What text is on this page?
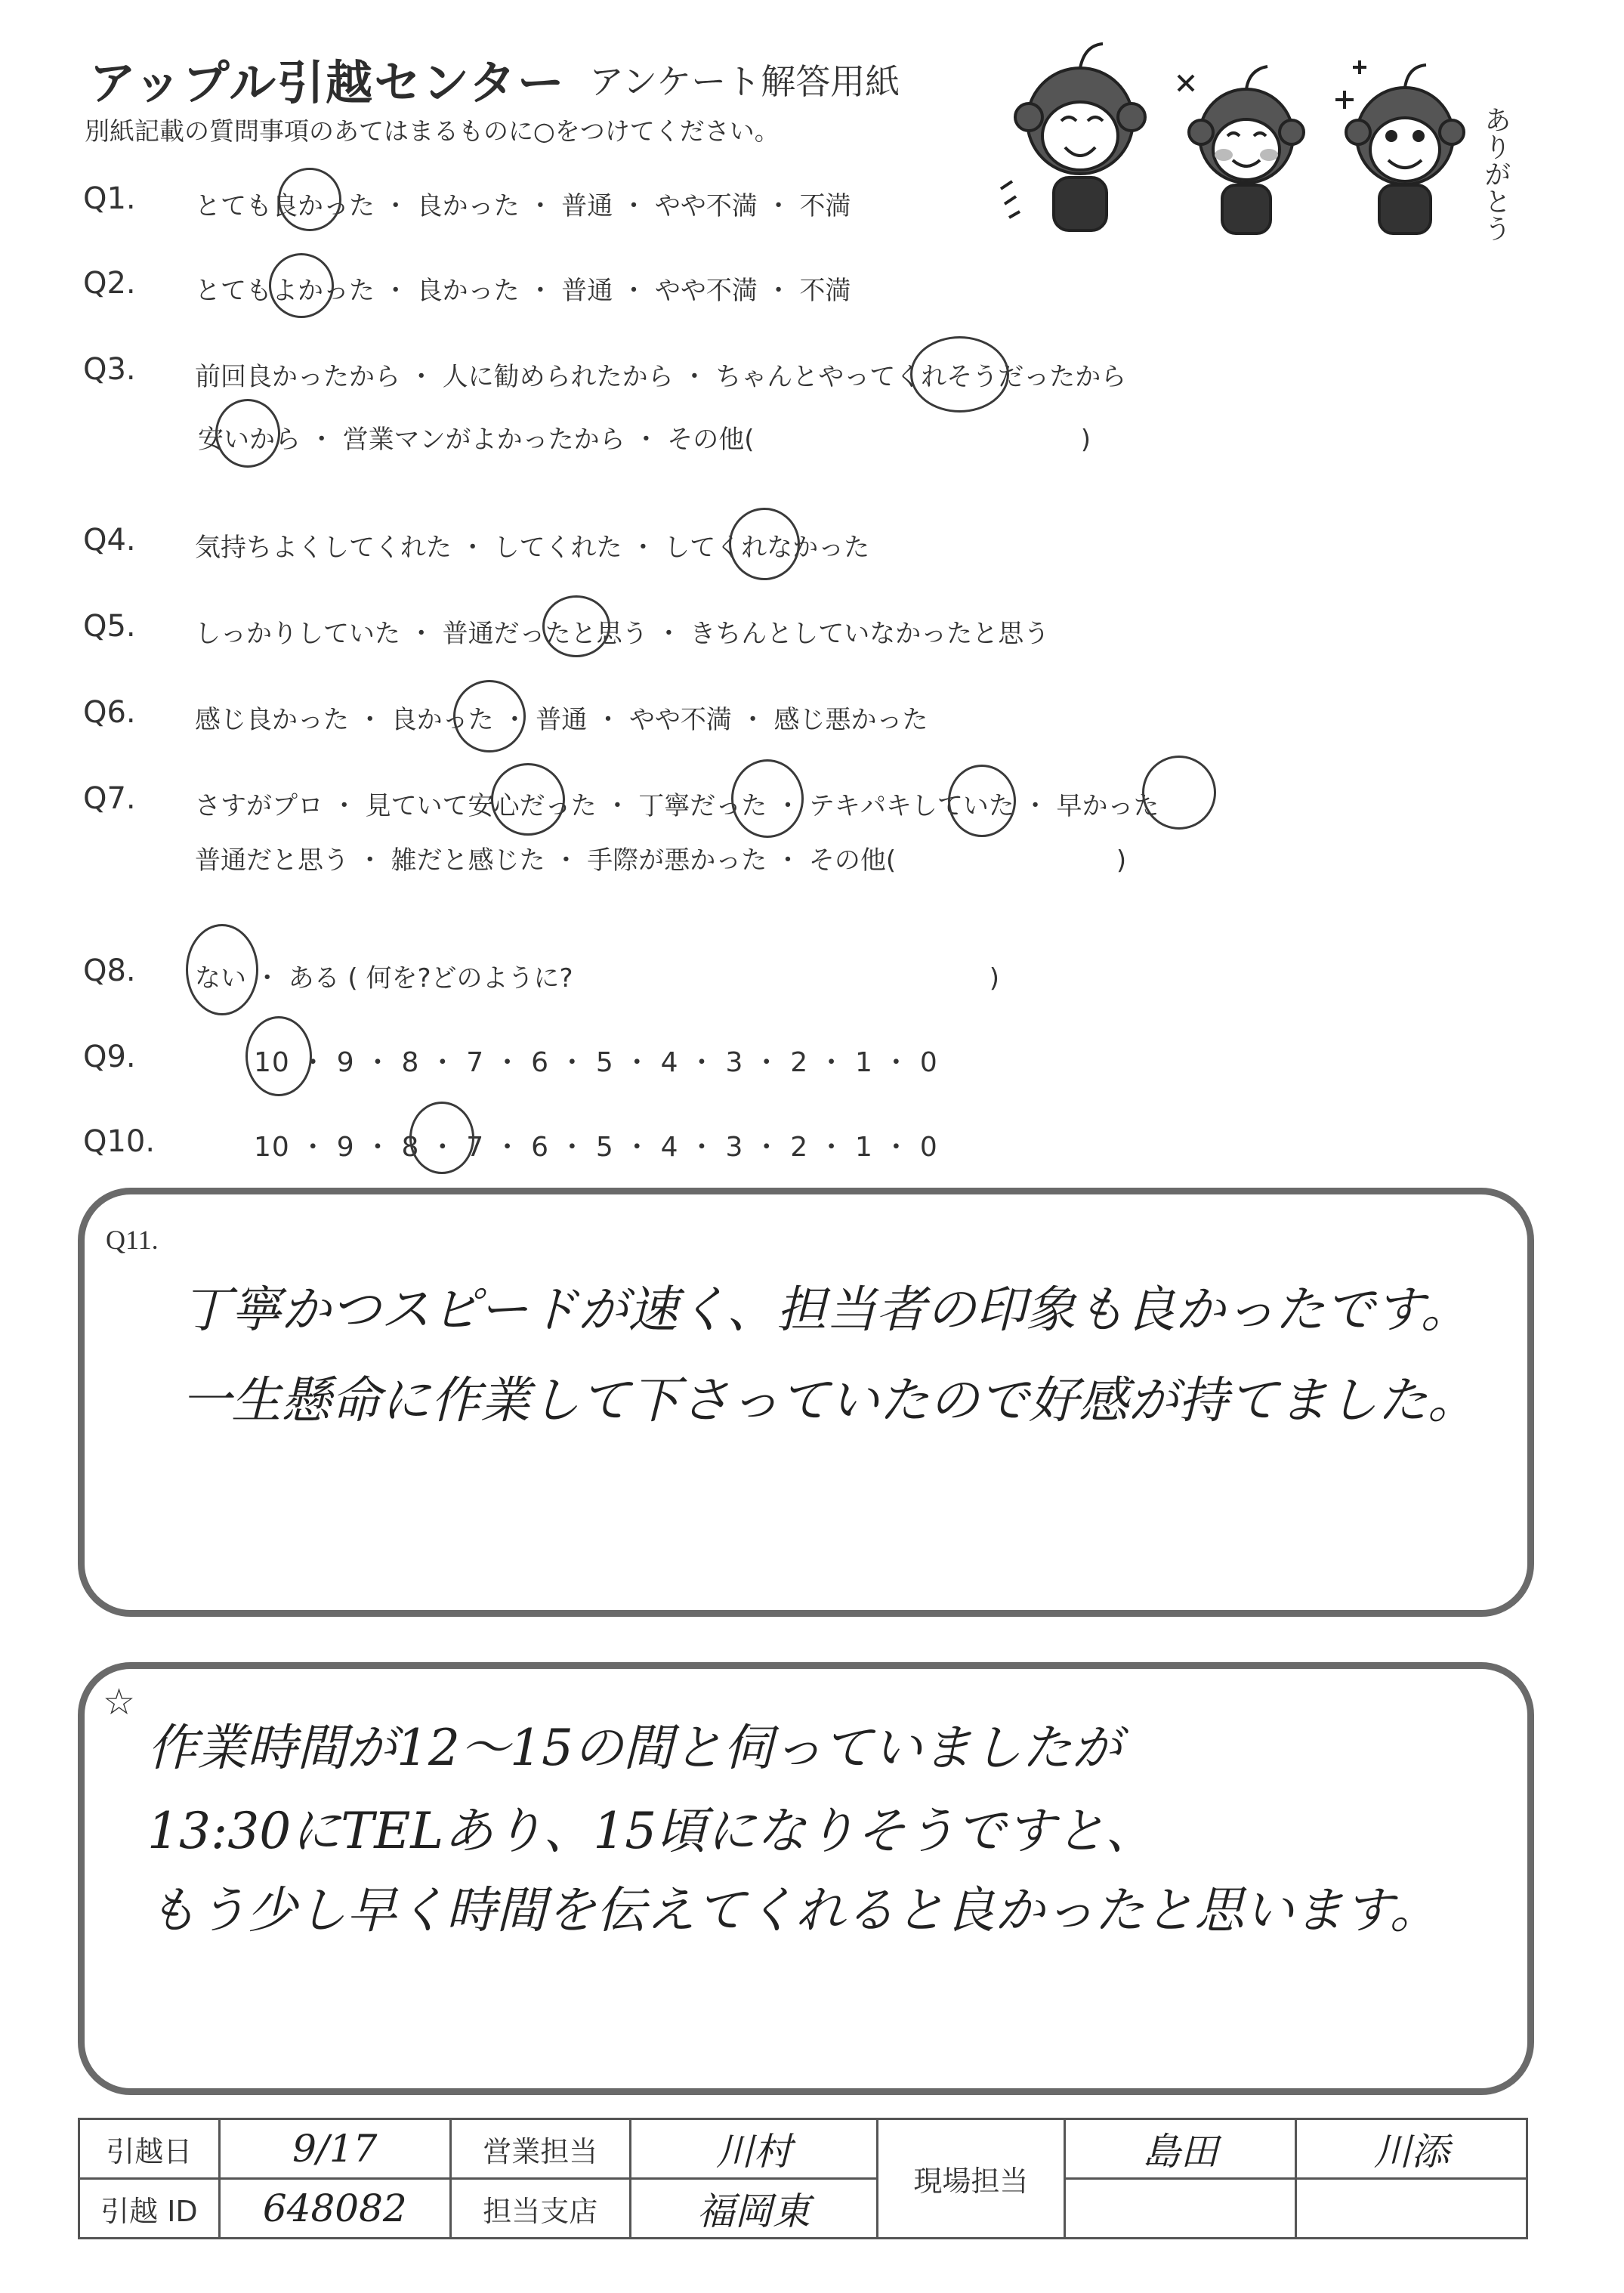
アップル引越センター アンケート解答用紙
別紙記載の質問事項のあてはまるものに○をつけてください。	ありがとう
Q1. とても良かった ・ 良かった ・ 普通 ・ やや不満 ・ 不満
Q2. とてもよかった ・ 良かった ・ 普通 ・ やや不満 ・ 不満
Q3. 前回良かったから ・ 人に勧められたから ・ ちゃんとやってくれそうだったから
安いから ・ 営業マンがよかったから ・ その他(                                        )
Q4. 気持ちよくしてくれた ・ してくれた ・ してくれなかった
Q5. しっかりしていた ・ 普通だったと思う ・ きちんとしていなかったと思う
Q6. 感じ良かった ・ 良かった ・ 普通 ・ やや不満 ・ 感じ悪かった
Q7. さすがプロ ・ 見ていて安心だった ・ 丁寧だった ・ テキパキしていた ・ 早かった
普通だと思う ・ 雑だと感じた ・ 手際が悪かった ・ その他(                           )
Q8. ない ・ ある ( 何を?どのように?                                                   )
Q9.	10 ・ 9 ・ 8 ・ 7 ・ 6 ・ 5 ・ 4 ・ 3 ・ 2 ・ 1 ・ 0
Q10.	10 ・ 9 ・ 8 ・ 7 ・ 6 ・ 5 ・ 4 ・ 3 ・ 2 ・ 1 ・ 0
Q11.
丁寧かつスピードが速く、担当者の印象も良かったです。
一生懸命に作業して下さっていたので好感が持てました。
☆
作業時間が12〜15の間と伺っていましたが
13:30にTELあり、15頃になりそうですと、
もう少し早く時間を伝えてくれると良かったと思います。
引越日	9/17	営業担当	川村	現場担当	島田	川添
引越 ID	648082	担当支店	福岡東			
